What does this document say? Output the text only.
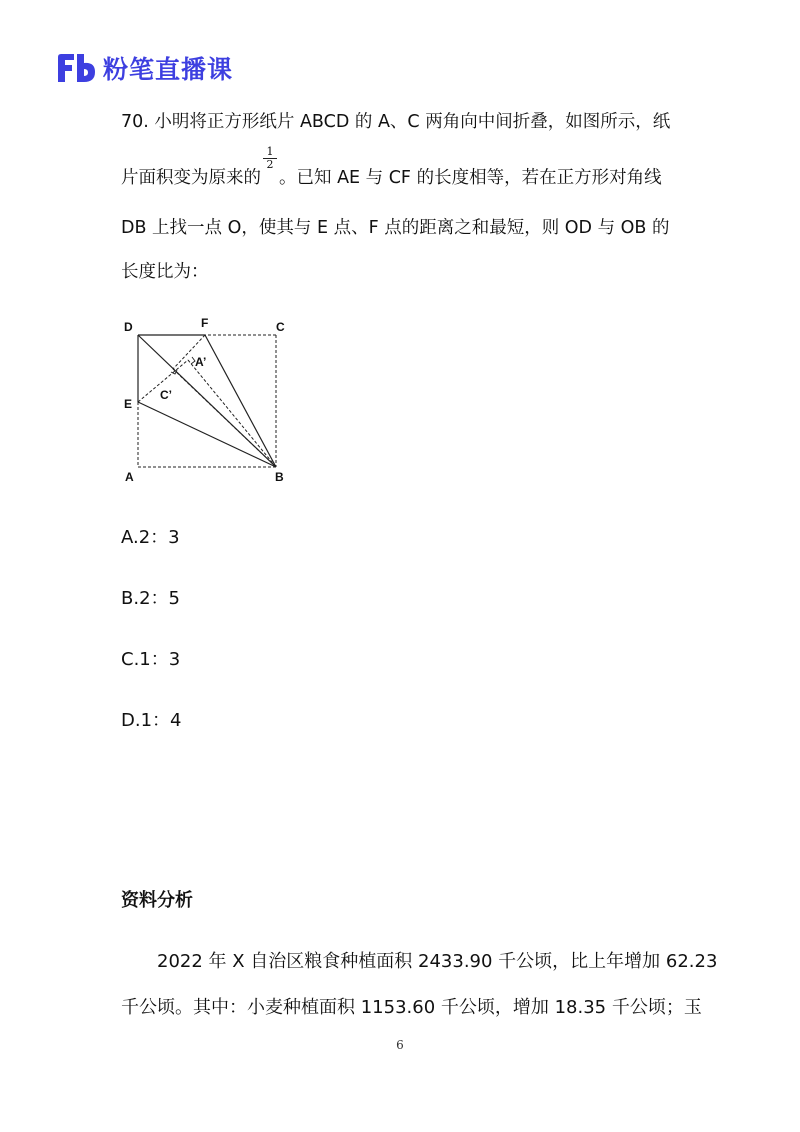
粉笔直播课
70. 小明将正方形纸片 ABCD 的 A、C 两角向中间折叠，如图所示，纸
片面积变为原来的
$\frac{1}{2}$
。已知 AE 与 CF 的长度相等，若在正方形对角线
DB 上找一点 O，使其与 E 点、F 点的距离之和最短，则 OD 与 OB 的
长度比为：
D	F	C
A’
C’
E
A	B
A.2：3
B.2：5
C.1：3
D.1：4
资料分析
2022 年 X 自治区粮食种植面积 2433.90 千公顷，比上年增加 62.23
千公顷。其中：小麦种植面积 1153.60 千公顷，增加 18.35 千公顷；玉
6
